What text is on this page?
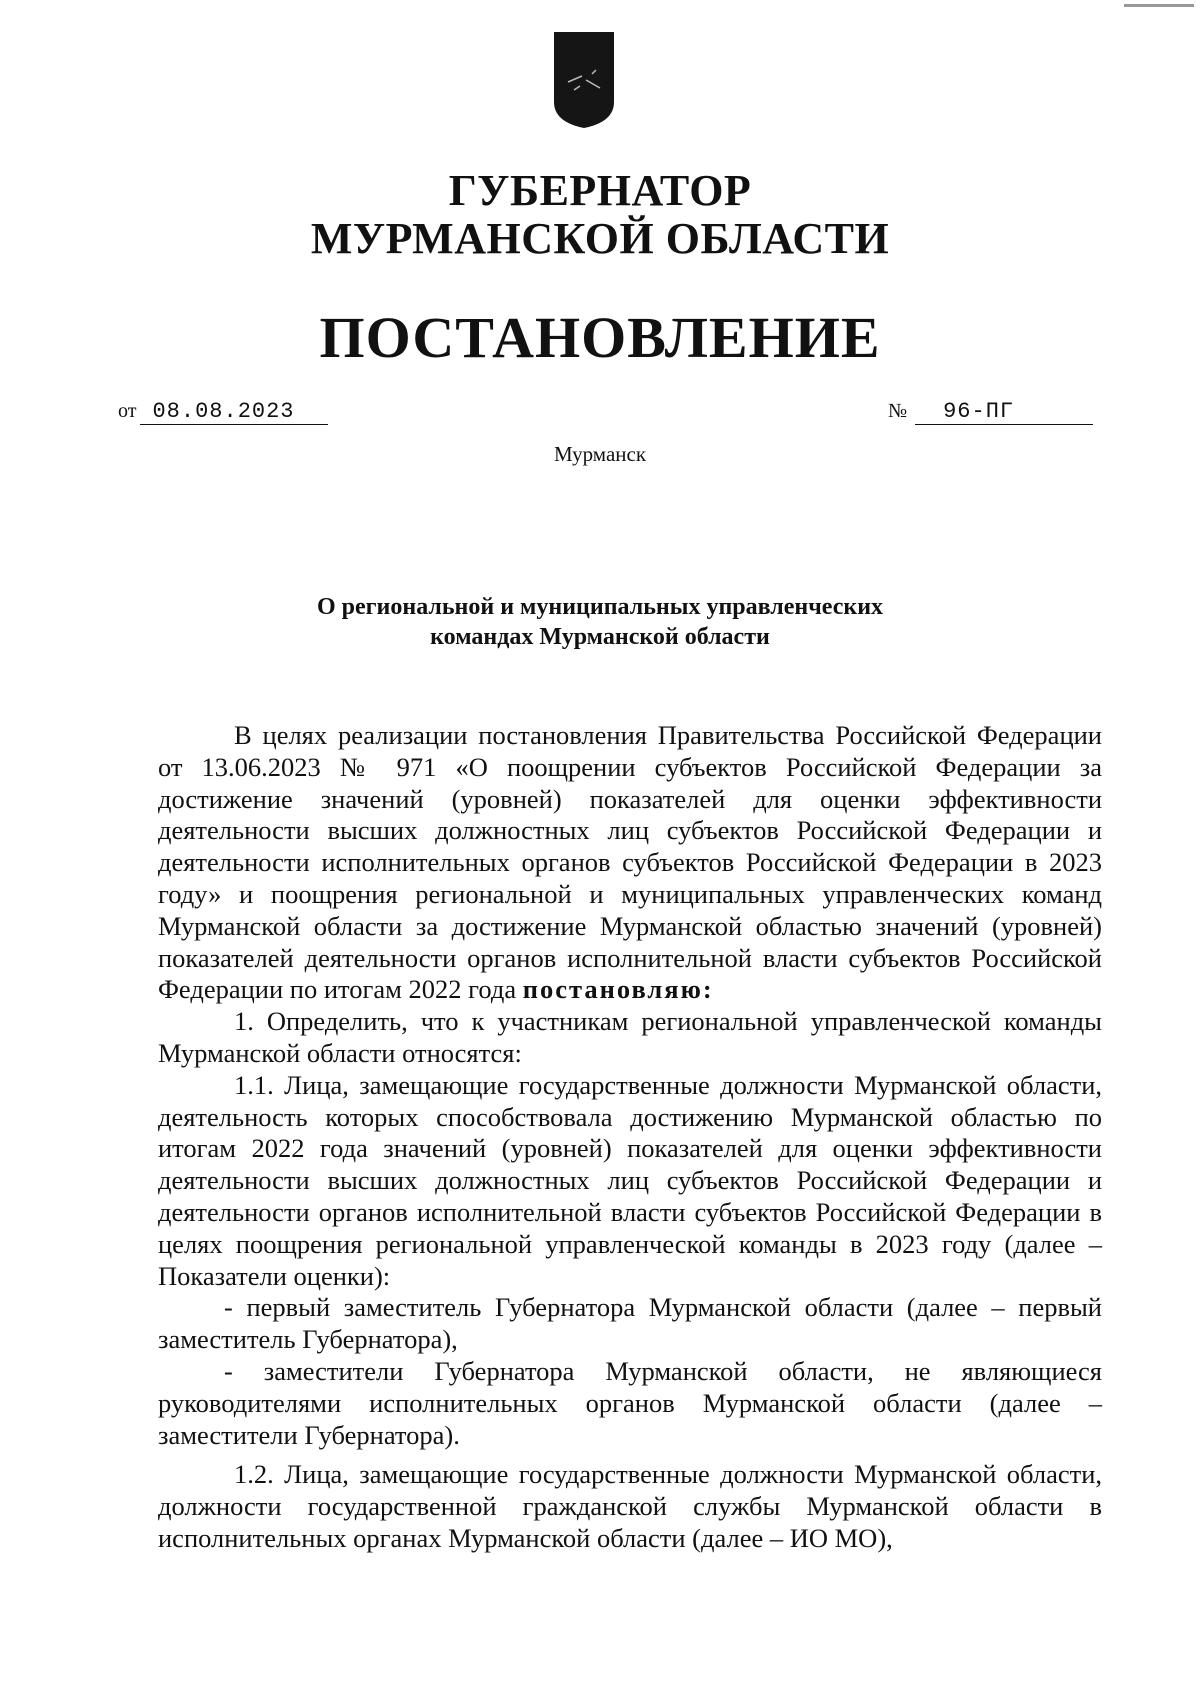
ГУБЕРНАТОР
МУРМАНСКОЙ ОБЛАСТИ
ПОСТАНОВЛЕНИЕ
от 08.08.2023	№ 96-ПГ
Мурманск
О региональной и муниципальных управленческих
командах Мурманской области

В целях реализации постановления Правительства Российской Федерации от 13.06.2023 № 971 «О поощрении субъектов Российской Федерации за достижение значений (уровней) показателей для оценки эффективности деятельности высших должностных лиц субъектов Российской Федерации и деятельности исполнительных органов субъектов Российской Федерации в 2023 году» и поощрения региональной и муниципальных управленческих команд Мурманской области за достижение Мурманской областью значений (уровней) показателей деятельности органов исполнительной власти субъектов Российской Федерации по итогам 2022 года постановляю:

1. Определить, что к участникам региональной управленческой команды Мурманской области относятся:

1.1. Лица, замещающие государственные должности Мурманской области, деятельность которых способствовала достижению Мурманской областью по итогам 2022 года значений (уровней) показателей для оценки эффективности деятельности высших должностных лиц субъектов Российской Федерации и деятельности органов исполнительной власти субъектов Российской Федерации в целях поощрения региональной управленческой команды в 2023 году (далее – Показатели оценки):

- первый заместитель Губернатора Мурманской области (далее – первый заместитель Губернатора),

- заместители Губернатора Мурманской области, не являющиеся руководителями исполнительных органов Мурманской области (далее – заместители Губернатора).

1.2. Лица, замещающие государственные должности Мурманской области, должности государственной гражданской службы Мурманской области в исполнительных органах Мурманской области (далее – ИО МО),
